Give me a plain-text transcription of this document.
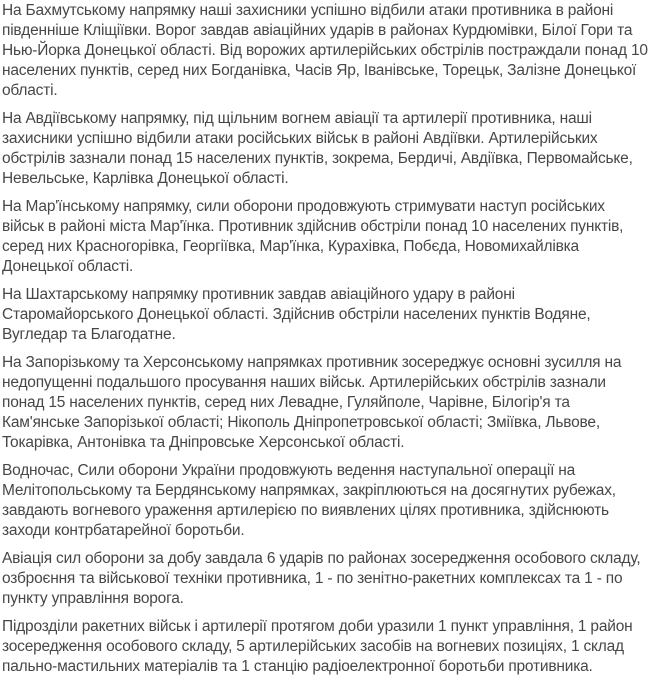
На Бахмутському напрямку наші захисники успішно відбили атаки противника в районі південніше Кліщіївки. Ворог завдав авіаційних ударів в районах Курдюмівки, Білої Гори та Нью-Йорка Донецької області. Від ворожих артилерійських обстрілів постраждали понад 10 населених пунктів, серед них Богданівка, Часів Яр, Іванівське, Торецьк, Залізне Донецької області.

На Авдіївському напрямку, під щільним вогнем авіації та артилерії противника, наші захисники успішно відбили атаки російських військ в районі Авдіївки. Артилерійських обстрілів зазнали понад 15 населених пунктів, зокрема, Бердичі, Авдіївка, Первомайське, Невельське, Карлівка Донецької області.

На Мар'їнському напрямку, сили оборони продовжують стримувати наступ російських військ в районі міста Мар'їнка. Противник здійснив обстріли понад 10 населених пунктів, серед них Красногорівка, Георгіївка, Мар'їнка, Курахівка, Побєда, Новомихайлівка Донецької області.

На Шахтарському напрямку противник завдав авіаційного удару в районі Старомайорського Донецької області. Здійснив обстріли населених пунктів Водяне, Вугледар та Благодатне.

На Запорізькому та Херсонському напрямках противник зосереджує основні зусилля на недопущенні подальшого просування наших військ. Артилерійських обстрілів зазнали понад 15 населених пунктів, серед них Левадне, Гуляйполе, Чарівне, Білогір'я та Кам'янське Запорізької області; Нікополь Дніпропетровської області; Зміївка, Львове, Токарівка, Антонівка та Дніпровське Херсонської області.

Водночас, Сили оборони України продовжують ведення наступальної операції на Мелітопольському та Бердянському напрямках, закріплюються на досягнутих рубежах, завдають вогневого ураження артилерією по виявлених цілях противника, здійснюють заходи контрбатарейної боротьби.

Авіація сил оборони за добу завдала 6 ударів по районах зосередження особового складу, озброєння та військової техніки противника, 1 - по зенітно-ракетних комплексах та 1 - по пункту управління ворога.

Підрозділи ракетних військ і артилерії протягом доби уразили 1 пункт управління, 1 район зосередження особового складу, 5 артилерійських засобів на вогневих позиціях, 1 склад пально-мастильних матеріалів та 1 станцію радіоелектронної боротьби противника.
